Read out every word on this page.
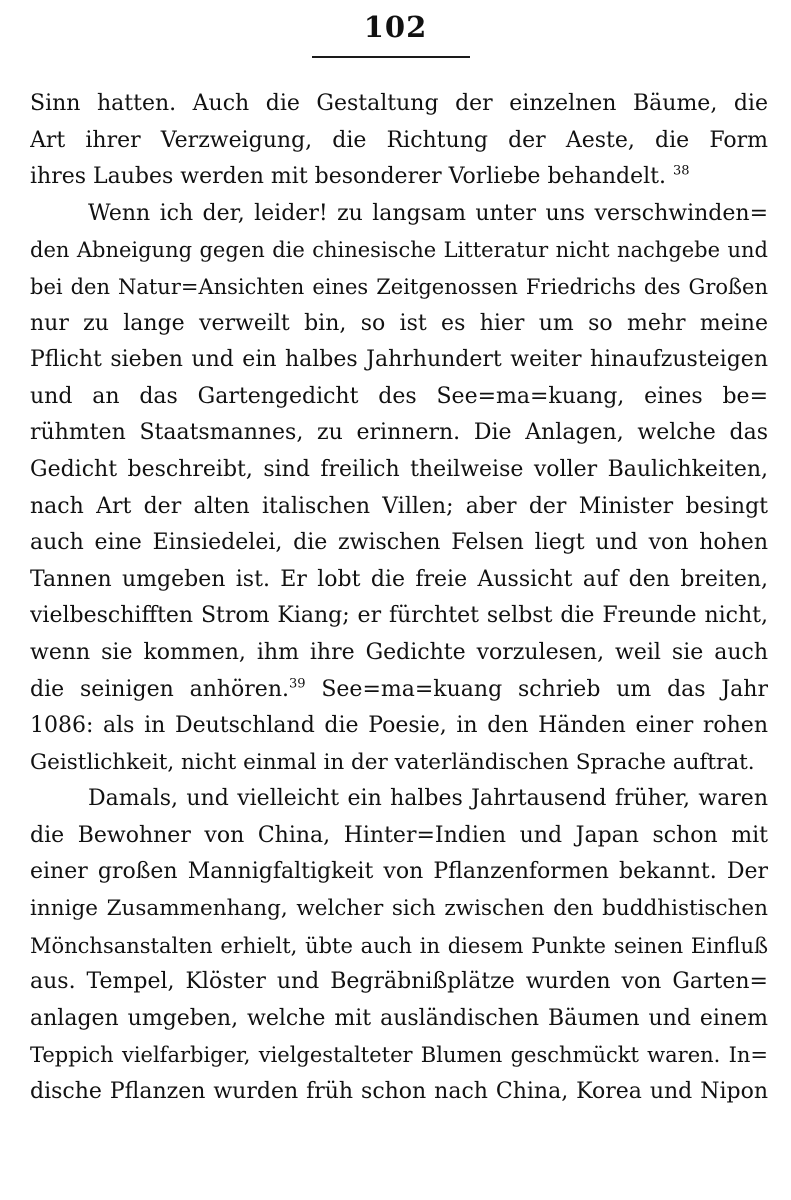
102
Sinn hatten. Auch die Gestaltung der einzelnen Bäume, die
Art ihrer Verzweigung, die Richtung der Aeste, die Form
ihres Laubes werden mit besonderer Vorliebe behandelt. $^{38}$
Wenn ich der, leider! zu langsam unter uns verschwinden=
den Abneigung gegen die chinesische Litteratur nicht nachgebe und
bei den Natur=Ansichten eines Zeitgenossen Friedrichs des Großen
nur zu lange verweilt bin, so ist es hier um so mehr meine
Pflicht sieben und ein halbes Jahrhundert weiter hinaufzusteigen
und an das Gartengedicht des See=ma=kuang, eines be=
rühmten Staatsmannes, zu erinnern. Die Anlagen, welche das
Gedicht beschreibt, sind freilich theilweise voller Baulichkeiten,
nach Art der alten italischen Villen; aber der Minister besingt
auch eine Einsiedelei, die zwischen Felsen liegt und von hohen
Tannen umgeben ist. Er lobt die freie Aussicht auf den breiten,
vielbeschifften Strom Kiang; er fürchtet selbst die Freunde nicht,
wenn sie kommen, ihm ihre Gedichte vorzulesen, weil sie auch
die seinigen anhören.$^{39}$ See=ma=kuang schrieb um das Jahr
1086: als in Deutschland die Poesie, in den Händen einer rohen
Geistlichkeit, nicht einmal in der vaterländischen Sprache auftrat.
Damals, und vielleicht ein halbes Jahrtausend früher, waren
die Bewohner von China, Hinter=Indien und Japan schon mit
einer großen Mannigfaltigkeit von Pflanzenformen bekannt. Der
innige Zusammenhang, welcher sich zwischen den buddhistischen
Mönchsanstalten erhielt, übte auch in diesem Punkte seinen Einfluß
aus. Tempel, Klöster und Begräbnißplätze wurden von Garten=
anlagen umgeben, welche mit ausländischen Bäumen und einem
Teppich vielfarbiger, vielgestalteter Blumen geschmückt waren. In=
dische Pflanzen wurden früh schon nach China, Korea und Nipon
